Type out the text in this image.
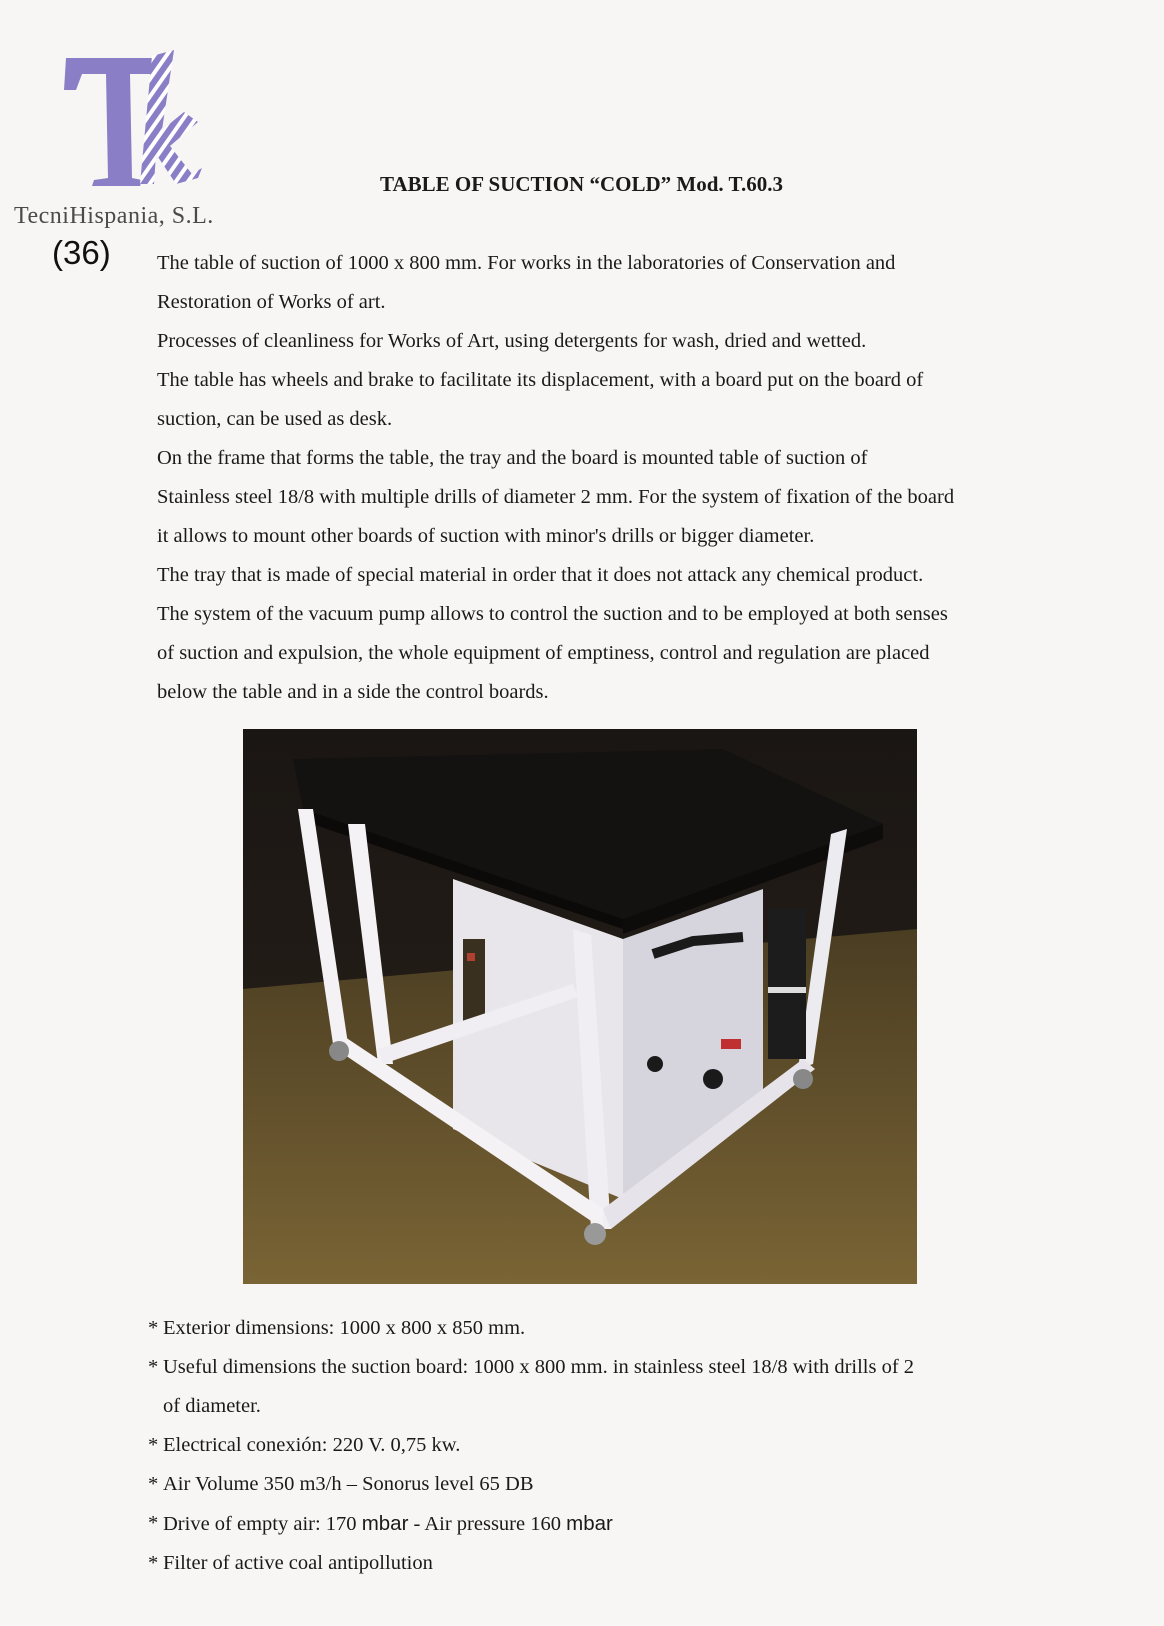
TecniHispania, S.L.
(36)
TABLE OF SUCTION “COLD” Mod. T.60.3
The table of suction of 1000 x 800 mm. For works in the laboratories of Conservation and
Restoration of Works of art.
Processes of cleanliness for Works of Art, using detergents for wash, dried and wetted.
The table has wheels and brake to facilitate its displacement, with a board put on the board of
suction, can be used as desk.
On the frame that forms the table, the tray and the board is mounted table of suction of
Stainless steel 18/8 with multiple drills of diameter 2 mm. For the system of fixation of the board
it allows to mount other boards of suction with minor's drills or bigger diameter.
The tray that is made of special material in order that it does not attack any chemical product.
The system of the vacuum pump allows to control the suction and to be employed at both senses
of suction and expulsion, the whole equipment of emptiness, control and regulation are placed
below the table and in a side the control boards.
* Exterior dimensions: 1000 x 800 x 850 mm.
* Useful dimensions the suction board: 1000 x 800 mm. in stainless steel 18/8 with drills of 2
of diameter.
* Electrical conexión: 220 V. 0,75 kw.
* Air Volume 350 m3/h – Sonorus level 65 DB
* Drive of empty air: 170 mbar - Air pressure 160 mbar
* Filter of active coal antipollution
